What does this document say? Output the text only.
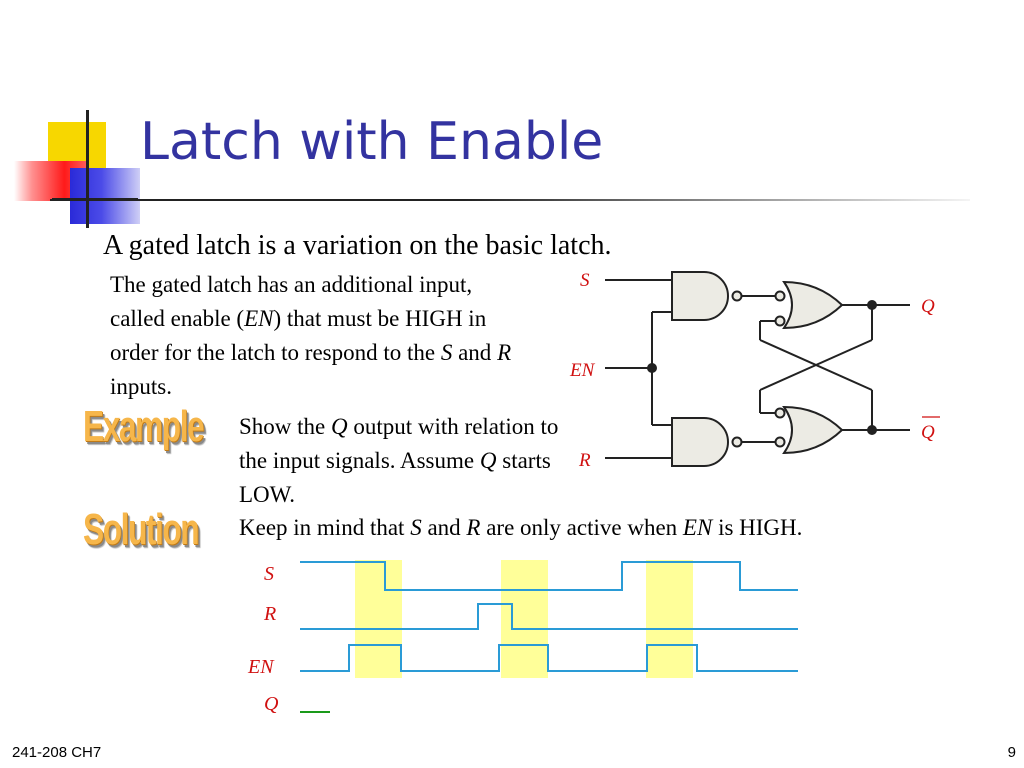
Latch with Enable
A gated latch is a variation on the basic latch.
The gated latch has an additional input, called enable (EN) that must be HIGH in order for the latch to respond to the S and R inputs.
Example Show the Q output with relation to the input signals. Assume Q starts LOW.
Solution Keep in mind that S and R are only active when EN is HIGH.
S
EN
R
Q
Q
S
R
EN
Q
241-208 CH7	9
